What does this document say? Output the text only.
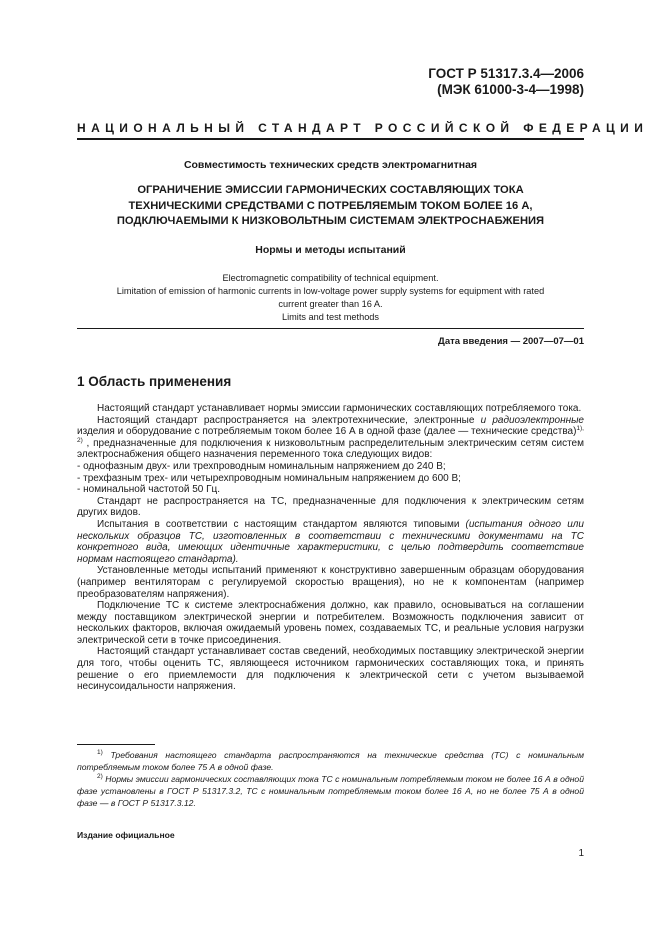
ГОСТ Р 51317.3.4—2006
(МЭК 61000-3-4—1998)
НАЦИОНАЛЬНЫЙ СТАНДАРТ РОССИЙСКОЙ ФЕДЕРАЦИИ
Совместимость технических средств электромагнитная
ОГРАНИЧЕНИЕ ЭМИССИИ ГАРМОНИЧЕСКИХ СОСТАВЛЯЮЩИХ ТОКА
ТЕХНИЧЕСКИМИ СРЕДСТВАМИ С ПОТРЕБЛЯЕМЫМ ТОКОМ БОЛЕЕ 16 А,
ПОДКЛЮЧАЕМЫМИ К НИЗКОВОЛЬТНЫМ СИСТЕМАМ ЭЛЕКТРОСНАБЖЕНИЯ
Нормы и методы испытаний
Electromagnetic compatibility of technical equipment.
Limitation of emission of harmonic currents in low-voltage power supply systems for equipment with rated
current greater than 16 A.
Limits and test methods
Дата введения — 2007—07—01
1 Область применения

Настоящий стандарт устанавливает нормы эмиссии гармонических составляющих потребляемого тока.

Настоящий стандарт распространяется на электротехнические, электронные и радиоэлектронные изделия и оборудование с потребляемым током более 16 А в одной фазе (далее — технические средства)$^{1), 2)}$ , предназначенные для подключения к низковольтным распределительным электрическим сетям систем электроснабжения общего назначения переменного тока следующих видов:

- однофазным двух- или трехпроводным номинальным напряжением до 240 В;

- трехфазным трех- или четырехпроводным номинальным напряжением до 600 В;

- номинальной частотой 50 Гц.

Стандарт не распространяется на ТС, предназначенные для подключения к электрическим сетям других видов.

Испытания в соответствии с настоящим стандартом являются типовыми (испытания одного или нескольких образцов ТС, изготовленных в соответствии с техническими документами на ТС конкретного вида, имеющих идентичные характеристики, с целью подтвердить соответствие нормам настоящего стандарта).

Установленные методы испытаний применяют к конструктивно завершенным образцам оборудования (например вентиляторам с регулируемой скоростью вращения), но не к компонентам (например преобразователям напряжения).

Подключение ТС к системе электроснабжения должно, как правило, основываться на соглашении между поставщиком электрической энергии и потребителем. Возможность подключения зависит от нескольких факторов, включая ожидаемый уровень помех, создаваемых ТС, и реальные условия нагрузки электрической сети в точке присоединения.

Настоящий стандарт устанавливает состав сведений, необходимых поставщику электрической энергии для того, чтобы оценить ТС, являющееся источником гармонических составляющих тока, и принять решение о его приемлемости для подключения к электрической сети с учетом вызываемой несинусоидальности напряжения.

$^{1)}$ Требования настоящего стандарта распространяются на технические средства (ТС) с номинальным потребляемым током более 75 А в одной фазе.

$^{2)}$ Нормы эмиссии гармонических составляющих тока ТС с номинальным потребляемым током не более 16 А в одной фазе установлены в ГОСТ Р 51317.3.2, ТС с номинальным потребляемым током более 16 А, но не более 75 А в одной фазе — в ГОСТ Р 51317.3.12.

Издание официальное
1
